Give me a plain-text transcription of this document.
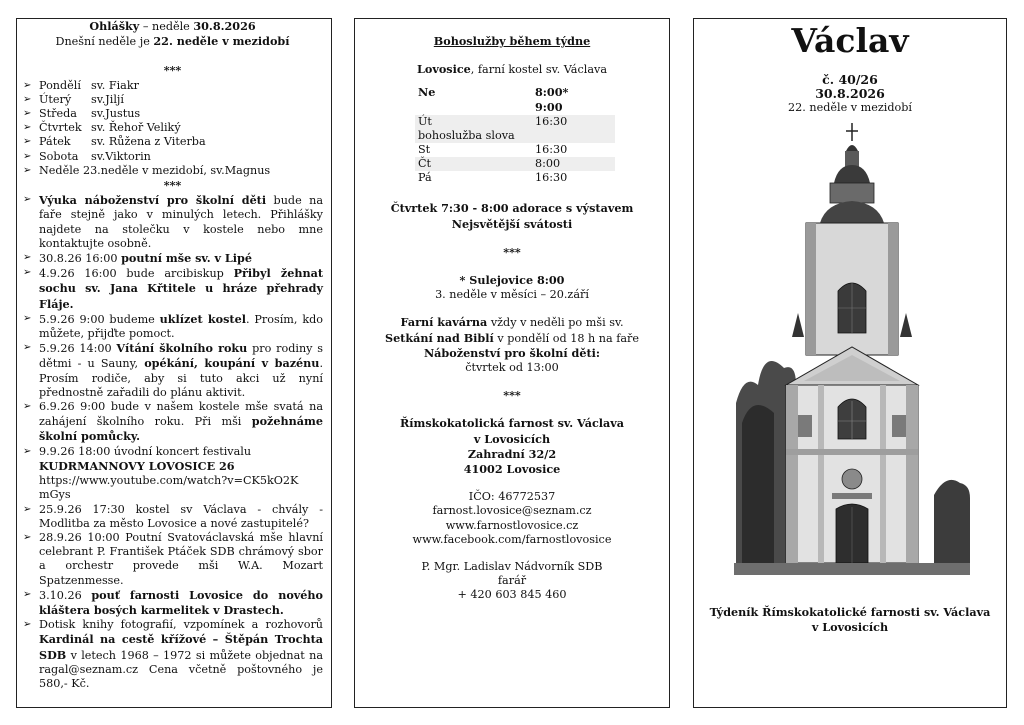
Ohlášky – neděle 30.8.2026
Dnešní neděle je 22. neděle v mezidobí
***
➢ Pondělí sv. Fiakr
➢ Úterý sv.Jiljí
➢ Středa sv.Justus
➢ Čtvrtek sv. Řehoř Veliký
➢ Pátek sv. Růžena z Viterba
➢ Sobota sv.Viktorin
➢ Neděle 23.neděle v mezidobí, sv.Magnus
***
➢ Výuka náboženství pro školní děti bude na faře stejně jako v minulých letech. Přihlášky najdete na stolečku v kostele nebo mne kontaktujte osobně.
➢ 30.8.26 16:00 poutní mše sv. v Lipé
➢ 4.9.26 16:00 bude arcibiskup Přibyl žehnat sochu sv. Jana Křtitele u hráze přehrady Fláje.
➢ 5.9.26 9:00 budeme uklízet kostel. Prosím, kdo můžete, přijďte pomoct.
➢ 5.9.26 14:00 Vítání školního roku pro rodiny s dětmi - u Sauny, opékání, koupání v bazénu. Prosím rodiče, aby si tuto akci už nyní přednostně zařadili do plánu aktivit.
➢ 6.9.26 9:00 bude v našem kostele mše svatá na zahájení školního roku. Při mši požehnáme školní pomůcky.
➢ 9.9.26 18:00 úvodní koncert festivalu
KUDRMANNOVY LOVOSICE 26
https://www.youtube.com/watch?v=CK5kO2K
mGys
➢ 25.9.26 17:30 kostel sv Václava - chvály - Modlitba za město Lovosice a nové zastupitelé?
➢ 28.9.26 10:00 Poutní Svatováclavská mše hlavní celebrant P. František Ptáček SDB chrámový sbor a orchestr provede mši W.A. Mozart Spatzenmesse.
➢ 3.10.26 pouť farnosti Lovosice do nového kláštera bosých karmelitek v Drastech.
➢ Dotisk knihy fotografií, vzpomínek a rozhovorů Kardinál na cestě křížové – Štěpán Trochta SDB v letech 1968 – 1972 si můžete objednat na ragal@seznam.cz Cena včetně poštovného je 580,- Kč.
Bohoslužby během týdne
Lovosice, farní kostel sv. Václava
Ne	8:00*
	9:00
Út	16:30
bohoslužba slova	
St	16:30
Čt	8:00
Pá	16:30
Čtvrtek 7:30 - 8:00 adorace s výstavem
Nejsvětější svátosti
***
* Sulejovice 8:00
3. neděle v měsíci – 20.září
Farní kavárna vždy v neděli po mši sv.
Setkání nad Biblí v pondělí od 18 h na faře
Náboženství pro školní děti:
čtvrtek od 13:00
***
Římskokatolická farnost sv. Václava
v Lovosicích
Zahradní 32/2
41002 Lovosice
IČO: 46772537
farnost.lovosice@seznam.cz
www.farnostlovosice.cz
www.facebook.com/farnostlovosice
P. Mgr. Ladislav Nádvorník SDB
farář
+ 420 603 845 460
Václav
č. 40/26
30.8.2026
22. neděle v mezidobí
Týdeník Římskokatolické farnosti sv. Václava
v Lovosicích
